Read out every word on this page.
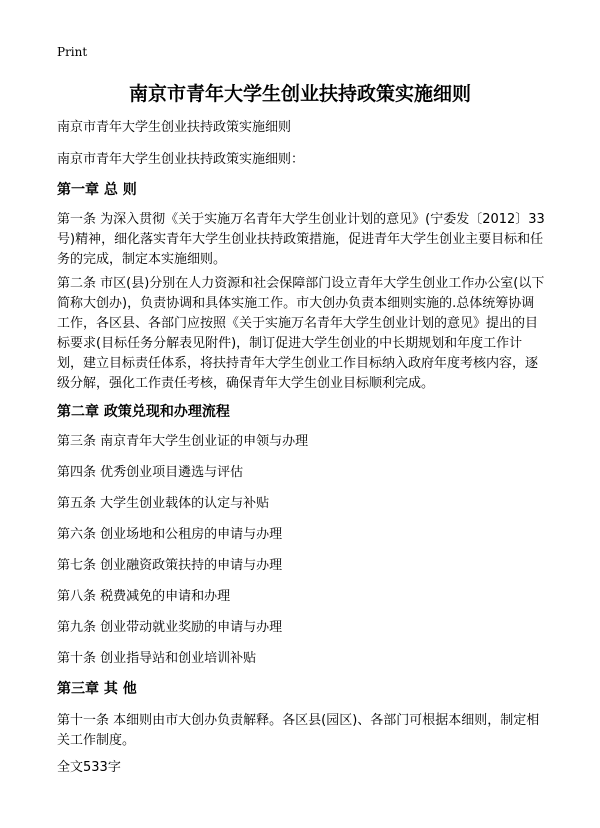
Print
南京市青年大学生创业扶持政策实施细则

南京市青年大学生创业扶持政策实施细则

南京市青年大学生创业扶持政策实施细则：

第一章 总 则

第一条 为深入贯彻《关于实施万名青年大学生创业计划的意见》(宁委发〔2012〕33号)精神，细化落实青年大学生创业扶持政策措施，促进青年大学生创业主要目标和任务的完成，制定本实施细则。

第二条 市区(县)分别在人力资源和社会保障部门设立青年大学生创业工作办公室(以下简称大创办)，负责协调和具体实施工作。市大创办负责本细则实施的.总体统筹协调工作，各区县、各部门应按照《关于实施万名青年大学生创业计划的意见》提出的目标要求(目标任务分解表见附件)，制订促进大学生创业的中长期规划和年度工作计划，建立目标责任体系，将扶持青年大学生创业工作目标纳入政府年度考核内容，逐级分解，强化工作责任考核，确保青年大学生创业目标顺利完成。

第二章 政策兑现和办理流程

第三条 南京青年大学生创业证的申领与办理

第四条 优秀创业项目遴选与评估

第五条 大学生创业载体的认定与补贴

第六条 创业场地和公租房的申请与办理

第七条 创业融资政策扶持的申请与办理

第八条 税费减免的申请和办理

第九条 创业带动就业奖励的申请与办理

第十条 创业指导站和创业培训补贴

第三章 其 他

第十一条 本细则由市大创办负责解释。各区县(园区)、各部门可根据本细则，制定相关工作制度。

全文533字
